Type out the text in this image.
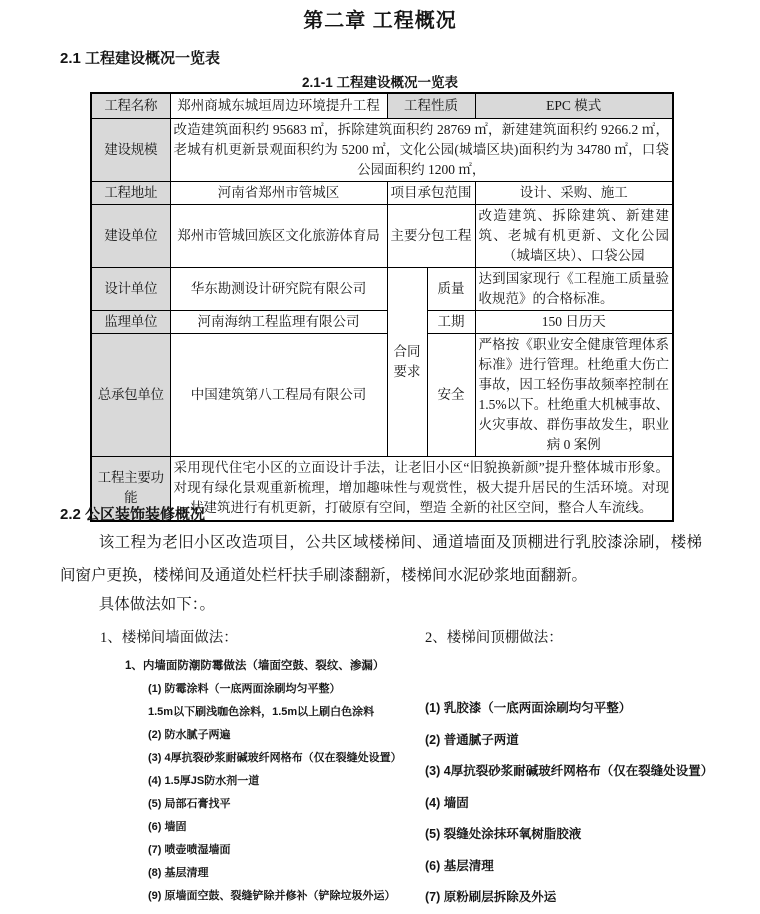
第二章 工程概况
2.1 工程建设概况一览表
2.1-1 工程建设概况一览表
工程名称	郑州商城东城垣周边环境提升工程	工程性质		EPC 模式
建设规模	改造建筑面积约 95683 ㎡，拆除建筑面积约 28769 ㎡，新建建筑面积约 9266.2 ㎡，老城有机更新景观面积约为 5200 ㎡，文化公园(城墙区块)面积约为 34780 ㎡，口袋公园面积约 1200 ㎡，			
工程地址	河南省郑州市管城区	项目承包范围		设计、采购、施工
建设单位	郑州市管城回族区文化旅游体育局	主要分包工程		改造建筑、拆除建筑、新建建筑、老城有机更新、文化公园（城墙区块）、口袋公园
设计单位	华东勘测设计研究院有限公司	合同要求	质量	达到国家现行《工程施工质量验收规范》的合格标准。
监理单位	河南海纳工程监理有限公司		工期	150 日历天
总承包单位	中国建筑第八工程局有限公司		安全	严格按《职业安全健康管理体系标准》进行管理。杜绝重大伤亡事故，因工轻伤事故频率控制在 1.5%以下。杜绝重大机械事故、火灾事故、群伤事故发生，职业病 0 案例
工程主要功能	采用现代住宅小区的立面设计手法，让老旧小区“旧貌换新颜”提升整体城市形象。对现有绿化景观重新梳理，增加趣味性与观赏性，极大提升居民的生活环境。对现状建筑进行有机更新，打破原有空间，塑造 全新的社区空间，整合人车流线。			
2.2 公区装饰装修概况
该工程为老旧小区改造项目，公共区域楼梯间、通道墙面及顶棚进行乳胶漆涂刷，楼梯间窗户更换，楼梯间及通道处栏杆扶手刷漆翻新，楼梯间水泥砂浆地面翻新。
具体做法如下：。
1、楼梯间墙面做法：
1、内墙面防潮防霉做法（墙面空鼓、裂纹、渗漏）
(1) 防霉涂料（一底两面涂刷均匀平整）
1.5m以下刷浅咖色涂料，1.5m以上刷白色涂料
(2) 防水腻子两遍
(3) 4厚抗裂砂浆耐碱玻纤网格布（仅在裂缝处设置）
(4) 1.5厚JS防水剂一道
(5) 局部石膏找平
(6) 墙固
(7) 喷壶喷湿墙面
(8) 基层清理
(9) 原墙面空鼓、裂缝铲除并修补（铲除垃圾外运）
2、楼梯间顶棚做法：
(1) 乳胶漆（一底两面涂刷均匀平整）
(2) 普通腻子两道
(3) 4厚抗裂砂浆耐碱玻纤网格布（仅在裂缝处设置）
(4) 墙固
(5) 裂缝处涂抹环氧树脂胶液
(6) 基层清理
(7) 原粉刷层拆除及外运
